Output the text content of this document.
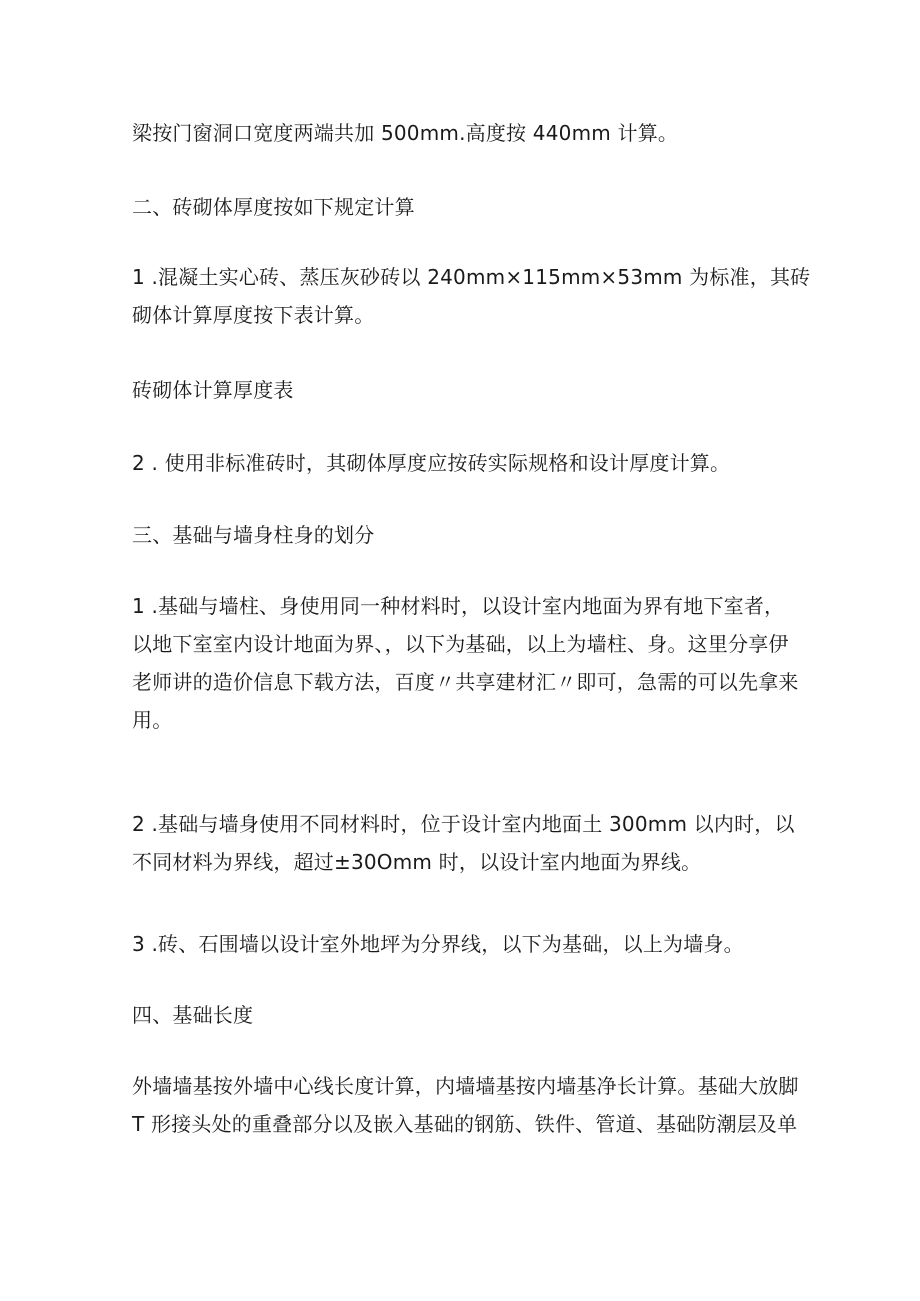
梁按门窗洞口宽度两端共加 500mm.高度按 440mm 计算。

二、砖砌体厚度按如下规定计算

1 .混凝土实心砖、蒸压灰砂砖以 240mm×115mm×53mm 为标准，其砖
砌体计算厚度按下表计算。

砖砌体计算厚度表

2 . 使用非标准砖时，其砌体厚度应按砖实际规格和设计厚度计算。

三、基础与墙身柱身的划分

1 .基础与墙柱、身使用同一种材料时，以设计室内地面为界有地下室者，
以地下室室内设计地面为界、，以下为基础，以上为墙柱、身。这里分享伊
老师讲的造价信息下载方法，百度〃共享建材汇〃即可，急需的可以先拿来
用。

2 .基础与墙身使用不同材料时，位于设计室内地面土 300mm 以内时，以
不同材料为界线，超过±30Omm 时，以设计室内地面为界线。

3 .砖、石围墙以设计室外地坪为分界线，以下为基础，以上为墙身。

四、基础长度

外墙墙基按外墙中心线长度计算，内墙墙基按内墙基净长计算。基础大放脚
T 形接头处的重叠部分以及嵌入基础的钢筋、铁件、管道、基础防潮层及单
